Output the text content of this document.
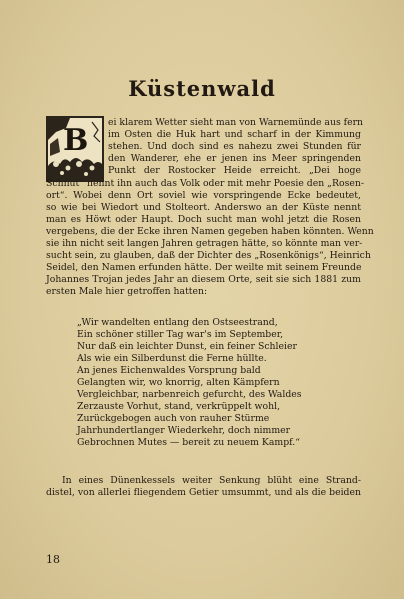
Küstenwald
B
ei klarem Wetter sieht man von Warnemünde aus fern
im Osten die Huk hart und scharf in der Kimmung
stehen. Und doch sind es nahezu zwei Stunden für
den Wanderer, ehe er jenen ins Meer springenden
Punkt der Rostocker Heide erreicht. „Dei hoge
Schnut“ nennt ihn auch das Volk oder mit mehr Poesie den „Rosen-
ort“. Wobei denn Ort soviel wie vorspringende Ecke bedeutet,
so wie bei Wiedort und Stolteort. Anderswo an der Küste nennt
man es Höwt oder Haupt. Doch sucht man wohl jetzt die Rosen
vergebens, die der Ecke ihren Namen gegeben haben könnten. Wenn
sie ihn nicht seit langen Jahren getragen hätte, so könnte man ver-
sucht sein, zu glauben, daß der Dichter des „Rosenkönigs“, Heinrich
Seidel, den Namen erfunden hätte. Der weilte mit seinem Freunde
Johannes Trojan jedes Jahr an diesem Orte, seit sie sich 1881 zum
ersten Male hier getroffen hatten:
„Wir wandelten entlang den Ostseestrand,
Ein schöner stiller Tag war's im September,
Nur daß ein leichter Dunst, ein feiner Schleier
Als wie ein Silberdunst die Ferne hüllte.
An jenes Eichenwaldes Vorsprung bald
Gelangten wir, wo knorrig, alten Kämpfern
Vergleichbar, narbenreich gefurcht, des Waldes
Zerzauste Vorhut, stand, verkrüppelt wohl,
Zurückgebogen auch von rauher Stürme
Jahrhundertlanger Wiederkehr, doch nimmer
Gebrochnen Mutes — bereit zu neuem Kampf.“
In eines Dünenkessels weiter Senkung blüht eine Strand-
distel, von allerlei fliegendem Getier umsummt, und als die beiden
18
